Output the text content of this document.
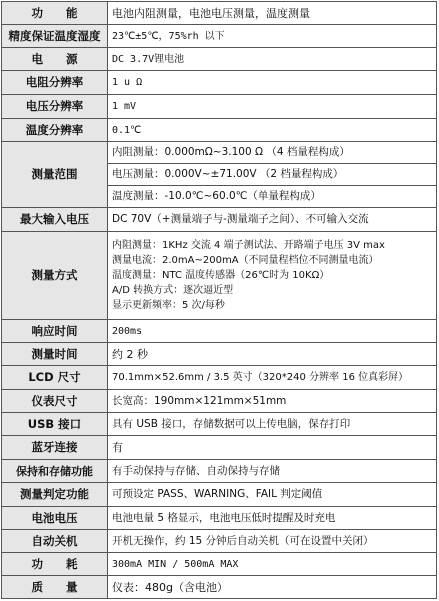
功　　能	电池内阻测量，电池电压测量，温度测量
精度保证温度湿度	23℃±5℃，75%rh 以下
电　　源	DC 3.7V锂电池
电阻分辨率	1 u Ω
电压分辨率	1 mV
温度分辨率	0.1℃
测量范围	内阻测量：0.000mΩ~3.100 Ω （4 档量程构成）
电压测量：0.000V~±71.00V （2 档量程构成）
温度测量：-10.0℃~60.0℃（单量程构成）

最大输入电压	DC 70V（+测量端子与-测量端子之间）、不可输入交流
测量方式	内阻测量：1KHz 交流 4 端子测试法、开路端子电压 3V max
测量电流：2.0mA~200mA（不同量程档位不同测量电流）
温度测量：NTC 温度传感器（26℃时为 10KΩ）
A/D 转换方式：逐次逼近型
显示更新频率：5 次/每秒

响应时间	200ms
测量时间	约 2 秒
LCD 尺寸	70.1mm×52.6mm / 3.5 英寸（320*240 分辨率 16 位真彩屏）
仪表尺寸	长宽高：190mm×121mm×51mm
USB 接口	具有 USB 接口，存储数据可以上传电脑，保存打印
蓝牙连接	有
保持和存储功能	有手动保持与存储、自动保持与存储
测量判定功能	可预设定 PASS、WARNING、FAIL 判定阈值
电池电压	电池电量 5 格显示，电池电压低时提醒及时充电
自动关机	开机无操作，约 15 分钟后自动关机（可在设置中关闭）
功　　耗	300mA MIN / 500mA MAX
质　　量	仪表：480g（含电池）
